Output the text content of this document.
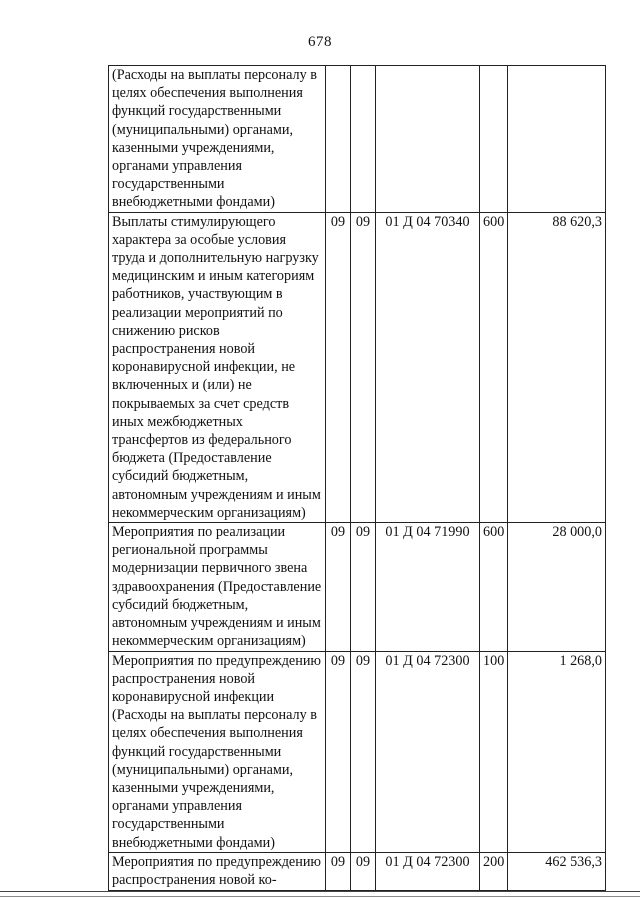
678
(Расходы на выплаты персоналу в целях обеспечения выполнения функций государственными (муниципальными) органами, казенными учреждениями, органами управления государственными внебюджетными фондами)					
Выплаты стимулирующего характера за особые условия труда и дополнительную нагрузку медицинским и иным категориям работников, участвующим в реализации мероприятий по снижению рисков распространения новой коронавирусной инфекции, не включенных и (или) не покрываемых за счет средств иных межбюджетных трансфертов из федерального бюджета (Предоставление субсидий бюджетным, автономным учреждениям и иным некоммерческим организациям)	09	09	01 Д 04 70340	600	88 620,3
Мероприятия по реализации региональной программы модернизации первичного звена здравоохранения (Предоставление субсидий бюджетным, автономным учреждениям и иным некоммерческим организациям)	09	09	01 Д 04 71990	600	28 000,0
Мероприятия по предупреждению распространения новой коронавирусной инфекции (Расходы на выплаты персоналу в целях обеспечения выполнения функций государственными (муниципальными) органами, казенными учреждениями, органами управления государственными внебюджетными фондами)	09	09	01 Д 04 72300	100	1 268,0
Мероприятия по предупреждению распространения новой ко-	09	09	01 Д 04 72300	200	462 536,3
